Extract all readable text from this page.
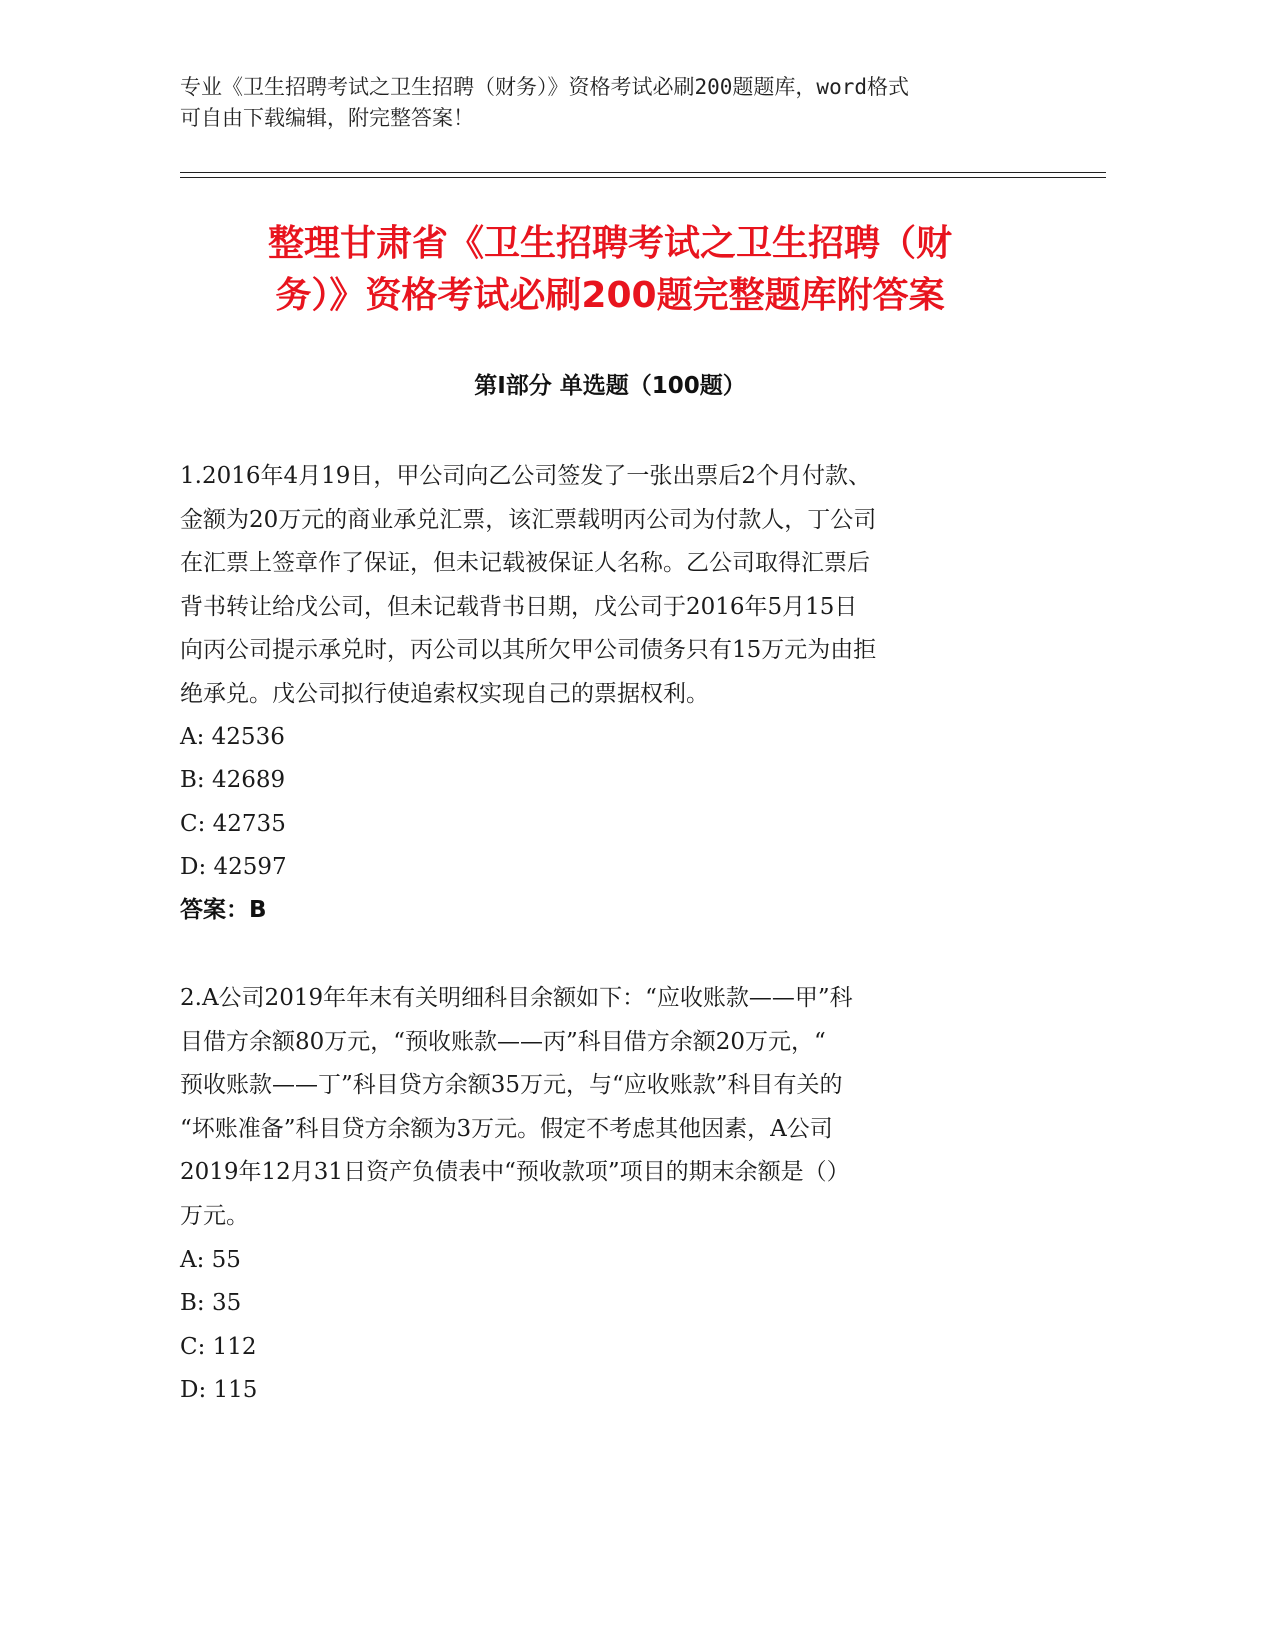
专业《卫生招聘考试之卫生招聘（财务）》资格考试必刷200题题库，word格式
可自由下载编辑，附完整答案！
整理甘肃省《卫生招聘考试之卫生招聘（财
务）》资格考试必刷200题完整题库附答案
第Ⅰ部分 单选题（100题）
1.2016年4月19日，甲公司向乙公司签发了一张出票后2个月付款、
金额为20万元的商业承兑汇票，该汇票载明丙公司为付款人，丁公司
在汇票上签章作了保证，但未记载被保证人名称。乙公司取得汇票后
背书转让给戊公司，但未记载背书日期，戊公司于2016年5月15日
向丙公司提示承兑时，丙公司以其所欠甲公司债务只有15万元为由拒
绝承兑。戊公司拟行使追索权实现自己的票据权利。
A: 42536
B: 42689
C: 42735
D: 42597
答案：B
2.A公司2019年年末有关明细科目余额如下：“应收账款——甲”科
目借方余额80万元，“预收账款——丙”科目借方余额20万元，“
预收账款——丁”科目贷方余额35万元，与“应收账款”科目有关的
“坏账准备”科目贷方余额为3万元。假定不考虑其他因素，A公司
2019年12月31日资产负债表中“预收款项”项目的期末余额是（）
万元。
A: 55
B: 35
C: 112
D: 115
